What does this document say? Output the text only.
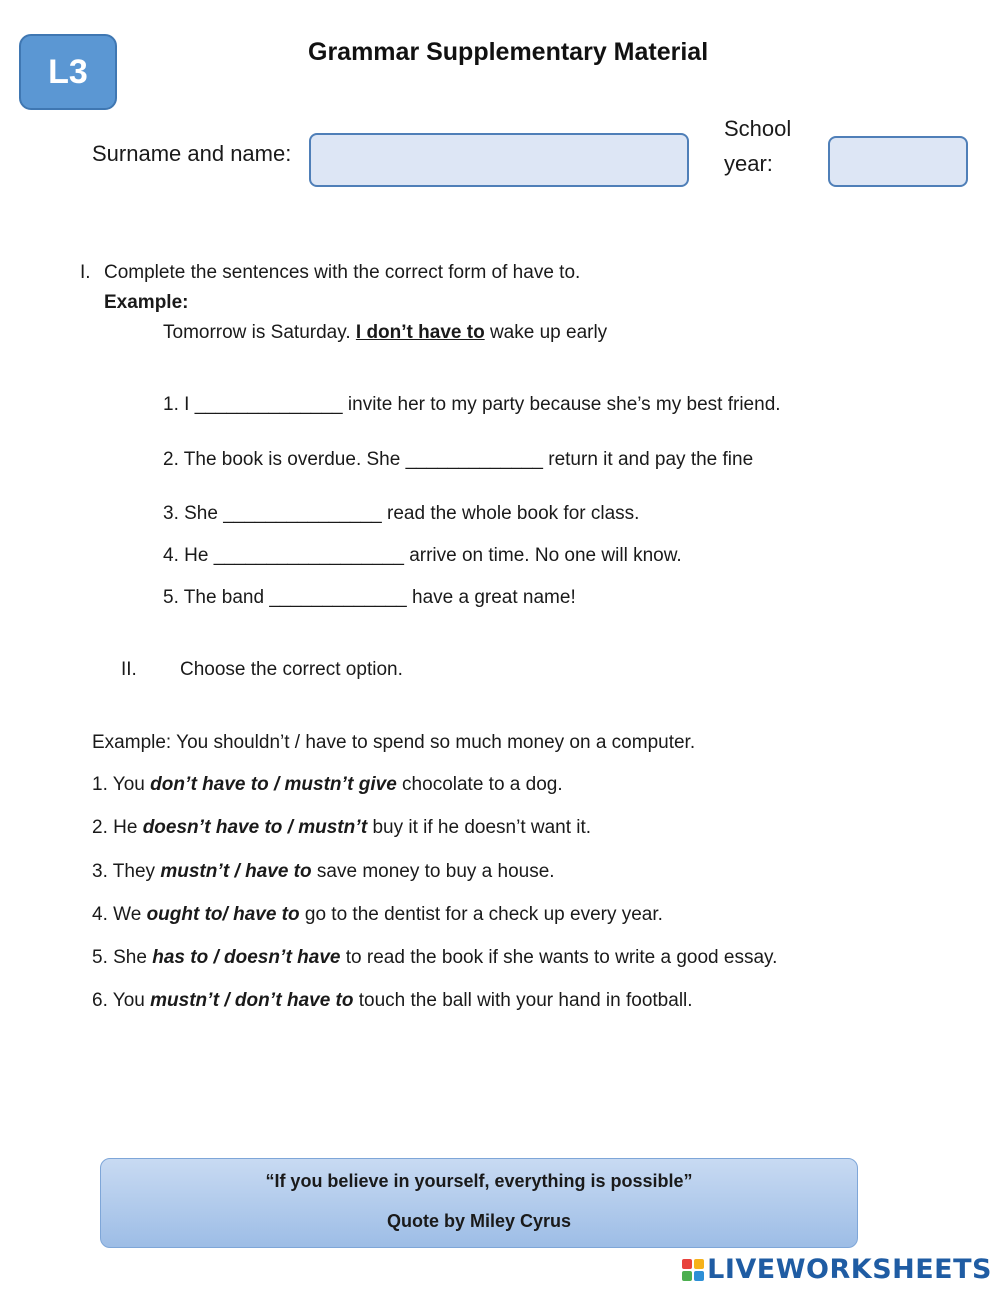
L3
Grammar Supplementary Material
Surname and name:
School
year:
I. Complete the sentences with the correct form of have to.
Example:
Tomorrow is Saturday. I don’t have to wake up early
1. I ______________ invite her to my party because she’s my best friend.
2. The book is overdue. She _____________ return it and pay the fine
3. She _______________ read the whole book for class.
4. He __________________ arrive on time. No one will know.
5. The band _____________ have a great name!
II. Choose the correct option.
Example: You shouldn’t / have to spend so much money on a computer.
1. You don’t have to / mustn’t give chocolate to a dog.
2. He doesn’t have to / mustn’t buy it if he doesn’t want it.
3. They mustn’t / have to save money to buy a house.
4. We ought to/ have to go to the dentist for a check up every year.
5. She has to / doesn’t have to read the book if she wants to write a good essay.
6. You mustn’t / don’t have to touch the ball with your hand in football.
“If you believe in yourself, everything is possible”
Quote by Miley Cyrus
LIVEWORKSHEETS
